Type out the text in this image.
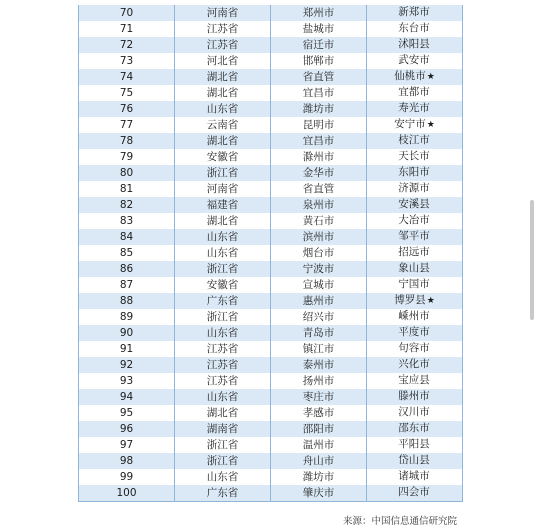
70	河南省	郑州市	新郑市
71	江苏省	盐城市	东台市
72	江苏省	宿迁市	沭阳县
73	河北省	邯郸市	武安市
74	湖北省	省直管	仙桃市★
75	湖北省	宜昌市	宜都市
76	山东省	潍坊市	寿光市
77	云南省	昆明市	安宁市★
78	湖北省	宜昌市	枝江市
79	安徽省	滁州市	天长市
80	浙江省	金华市	东阳市
81	河南省	省直管	济源市
82	福建省	泉州市	安溪县
83	湖北省	黄石市	大冶市
84	山东省	滨州市	邹平市
85	山东省	烟台市	招远市
86	浙江省	宁波市	象山县
87	安徽省	宣城市	宁国市
88	广东省	惠州市	博罗县★
89	浙江省	绍兴市	嵊州市
90	山东省	青岛市	平度市
91	江苏省	镇江市	句容市
92	江苏省	泰州市	兴化市
93	江苏省	扬州市	宝应县
94	山东省	枣庄市	滕州市
95	湖北省	孝感市	汉川市
96	湖南省	邵阳市	邵东市
97	浙江省	温州市	平阳县
98	浙江省	舟山市	岱山县
99	山东省	潍坊市	诸城市
100	广东省	肇庆市	四会市
来源：中国信息通信研究院
